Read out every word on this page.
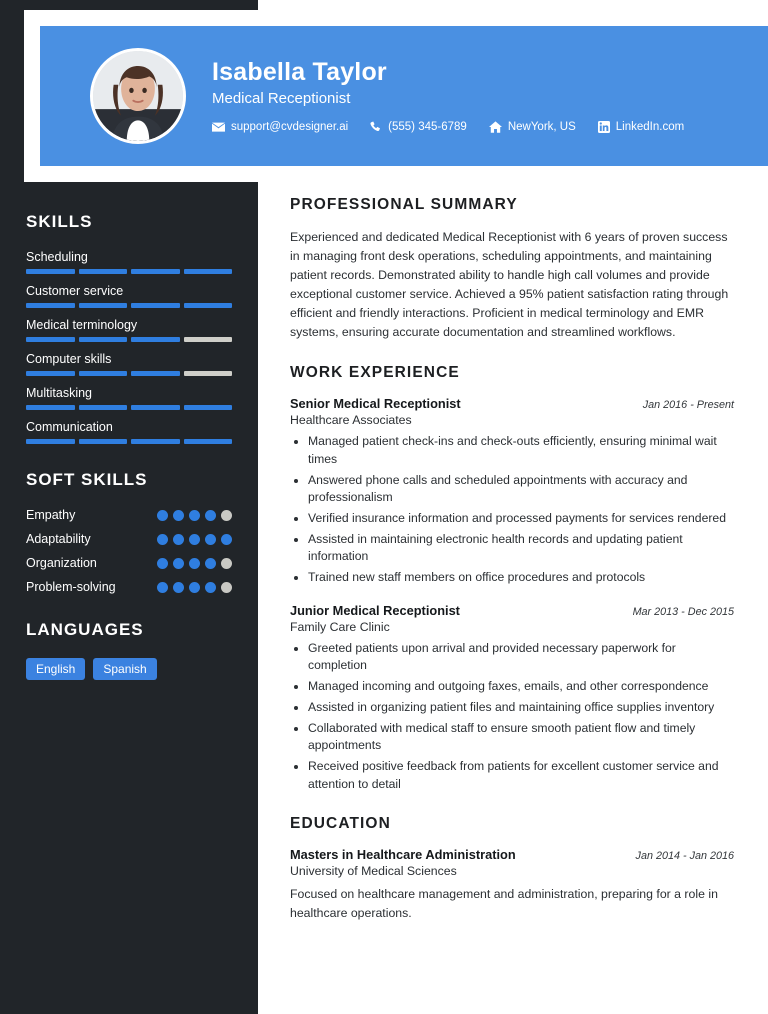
SKILLS
Scheduling
Customer service
Medical terminology
Computer skills
Multitasking
Communication
SOFT SKILLS
Empathy
Adaptability
Organization
Problem-solving
LANGUAGES
English	Spanish
Isabella Taylor
Medical Receptionist
support@cvdesigner.ai	(555) 345-6789	NewYork, US	LinkedIn.com
PROFESSIONAL SUMMARY

Experienced and dedicated Medical Receptionist with 6 years of proven success in managing front desk operations, scheduling appointments, and maintaining patient records. Demonstrated ability to handle high call volumes and provide exceptional customer service. Achieved a 95% patient satisfaction rating through efficient and friendly interactions. Proficient in medical terminology and EMR systems, ensuring accurate documentation and streamlined workflows.

WORK EXPERIENCE
Senior Medical Receptionist	Jan 2016 - Present
Healthcare Associates
• Managed patient check-ins and check-outs efficiently, ensuring minimal wait times
• Answered phone calls and scheduled appointments with accuracy and professionalism
• Verified insurance information and processed payments for services rendered
• Assisted in maintaining electronic health records and updating patient information
• Trained new staff members on office procedures and protocols
Junior Medical Receptionist	Mar 2013 - Dec 2015
Family Care Clinic
• Greeted patients upon arrival and provided necessary paperwork for completion
• Managed incoming and outgoing faxes, emails, and other correspondence
• Assisted in organizing patient files and maintaining office supplies inventory
• Collaborated with medical staff to ensure smooth patient flow and timely appointments
• Received positive feedback from patients for excellent customer service and attention to detail
EDUCATION
Masters in Healthcare Administration	Jan 2014 - Jan 2016
University of Medical Sciences
Focused on healthcare management and administration, preparing for a role in healthcare operations.
